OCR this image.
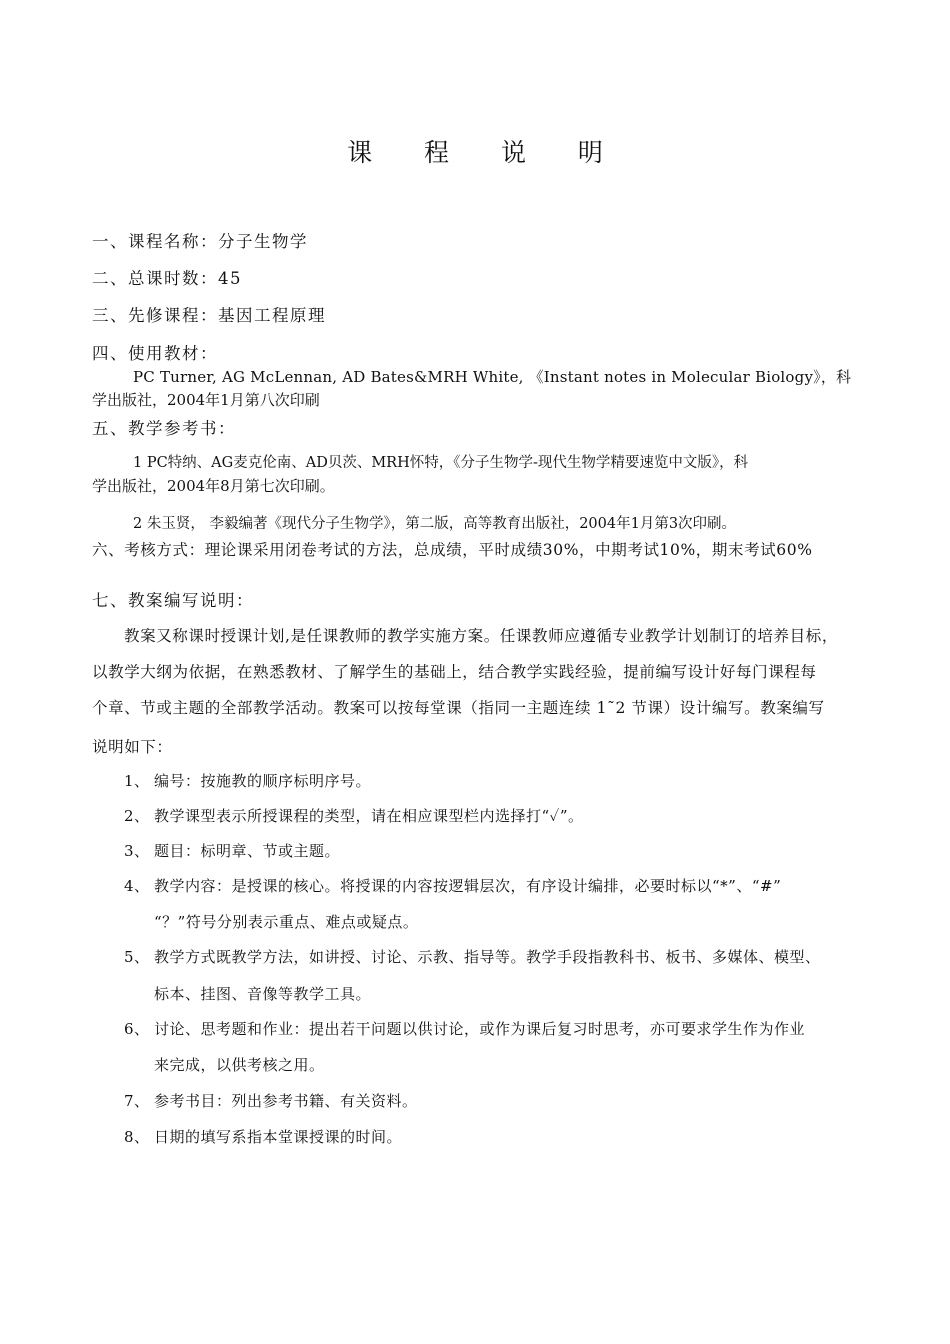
课 程 说 明
一、课程名称：分子生物学
二、总课时数：45
三、先修课程：基因工程原理
四、使用教材：
PC Turner, AG McLennan, AD Bates&MRH White, 《Instant notes in Molecular Biology》，科
学出版社，2004年1月第八次印刷
五、教学参考书：
1 PC特纳、AG麦克伦南、AD贝茨、MRH怀特，《分子生物学-现代生物学精要速览中文版》，科
学出版社，2004年8月第七次印刷。
2 朱玉贤， 李毅编著《现代分子生物学》，第二版，高等教育出版社，2004年1月第3次印刷。
六、考核方式：理论课采用闭卷考试的方法，总成绩，平时成绩30%，中期考试10%，期末考试60%
七、教案编写说明：
教案又称课时授课计划,是任课教师的教学实施方案。任课教师应遵循专业教学计划制订的培养目标，
以教学大纲为依据，在熟悉教材、了解学生的基础上，结合教学实践经验，提前编写设计好每门课程每
个章、节或主题的全部教学活动。教案可以按每堂课（指同一主题连续 1˜2 节课）设计编写。教案编写
说明如下：
1、 编号：按施教的顺序标明序号。
2、 教学课型表示所授课程的类型，请在相应课型栏内选择打“✓”。
3、 题目：标明章、节或主题。
4、 教学内容：是授课的核心。将授课的内容按逻辑层次，有序设计编排，必要时标以“*”、“#”
“？”符号分别表示重点、难点或疑点。
5、 教学方式既教学方法，如讲授、讨论、示教、指导等。教学手段指教科书、板书、多媒体、模型、
标本、挂图、音像等教学工具。
6、 讨论、思考题和作业：提出若干问题以供讨论，或作为课后复习时思考，亦可要求学生作为作业
来完成，以供考核之用。
7、 参考书目：列出参考书籍、有关资料。
8、 日期的填写系指本堂课授课的时间。
